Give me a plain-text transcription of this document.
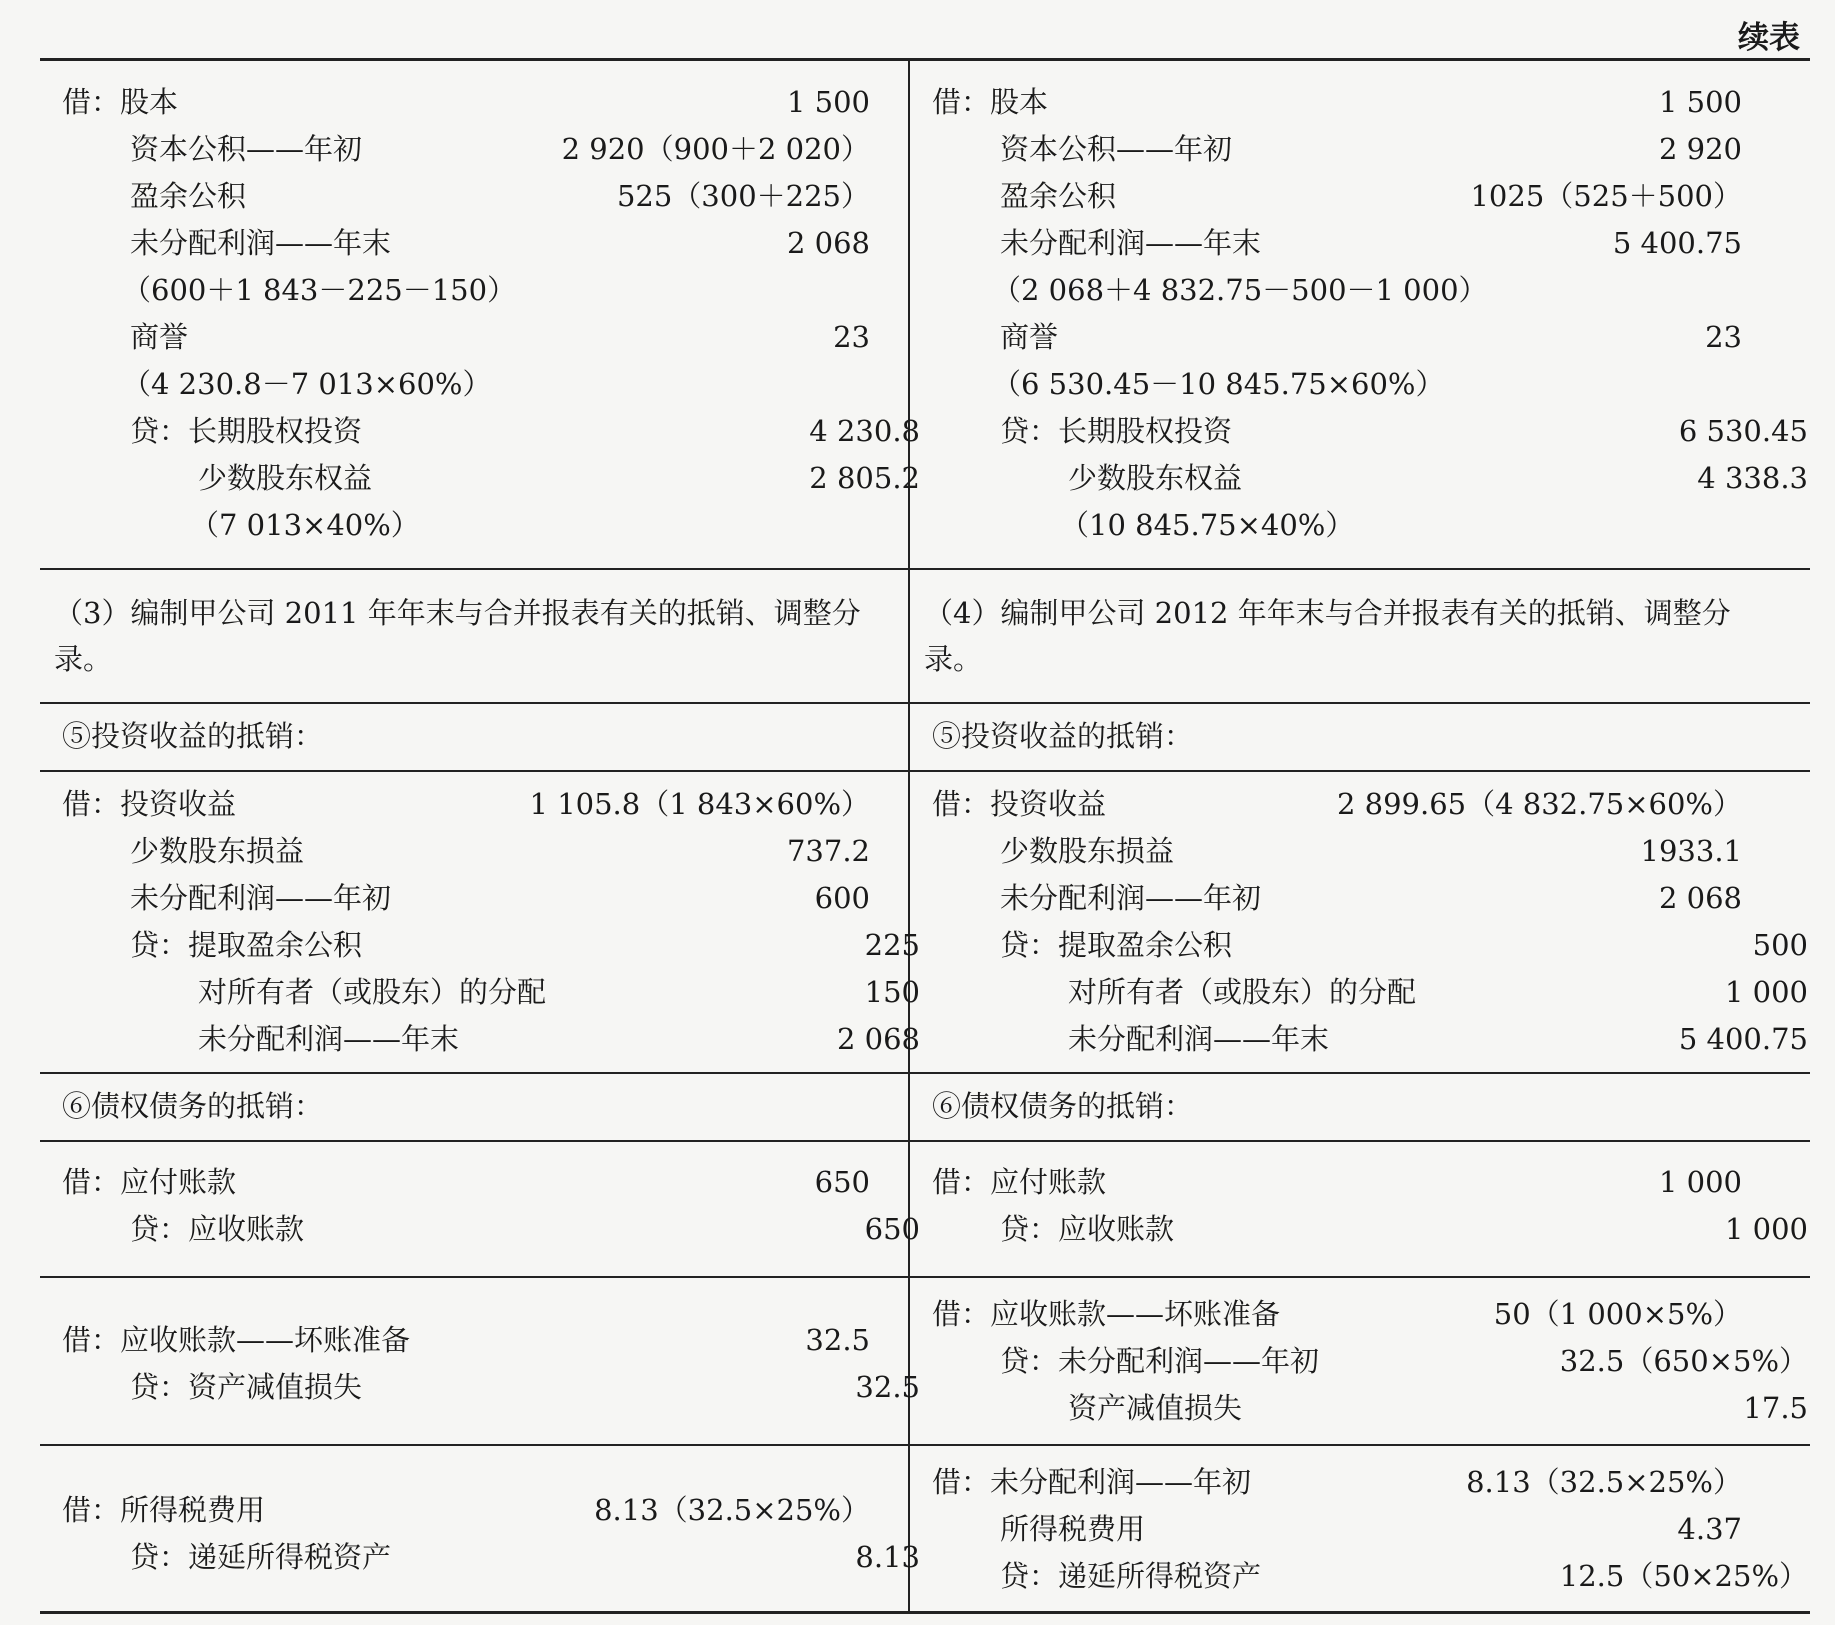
续表
借：股本	1 500
资本公积——年初	2 920（900＋2 020）
盈余公积	525（300＋225）
未分配利润——年末	2 068
（600＋1 843－225－150）
商誉	23
（4 230.8－7 013×60%）
贷：长期股权投资	4 230.8
少数股东权益	2 805.2
（7 013×40%）
借：股本	1 500
资本公积——年初	2 920
盈余公积	1025（525＋500）
未分配利润——年末	5 400.75
（2 068＋4 832.75－500－1 000）
商誉	23
（6 530.45－10 845.75×60%）
贷：长期股权投资	6 530.45
少数股东权益	4 338.3
（10 845.75×40%）
（3）编制甲公司 2011 年年末与合并报表有关的抵销、调整分录。
（4）编制甲公司 2012 年年末与合并报表有关的抵销、调整分录。
⑤投资收益的抵销：	⑤投资收益的抵销：
借：投资收益	1 105.8（1 843×60%）
少数股东损益	737.2
未分配利润——年初	600
贷：提取盈余公积	225
对所有者（或股东）的分配	150
未分配利润——年末	2 068
借：投资收益	2 899.65（4 832.75×60%）
少数股东损益	1933.1
未分配利润——年初	2 068
贷：提取盈余公积	500
对所有者（或股东）的分配	1 000
未分配利润——年末	5 400.75
⑥债权债务的抵销：	⑥债权债务的抵销：
借：应付账款	650
贷：应收账款	650
借：应付账款	1 000
贷：应收账款	1 000
借：应收账款——坏账准备	32.5
贷：资产减值损失	32.5
借：应收账款——坏账准备	50（1 000×5%）
贷：未分配利润——年初	32.5（650×5%）
资产减值损失	17.5
借：所得税费用	8.13（32.5×25%）
贷：递延所得税资产	8.13
借：未分配利润——年初	8.13（32.5×25%）
所得税费用	4.37
贷：递延所得税资产	12.5（50×25%）
